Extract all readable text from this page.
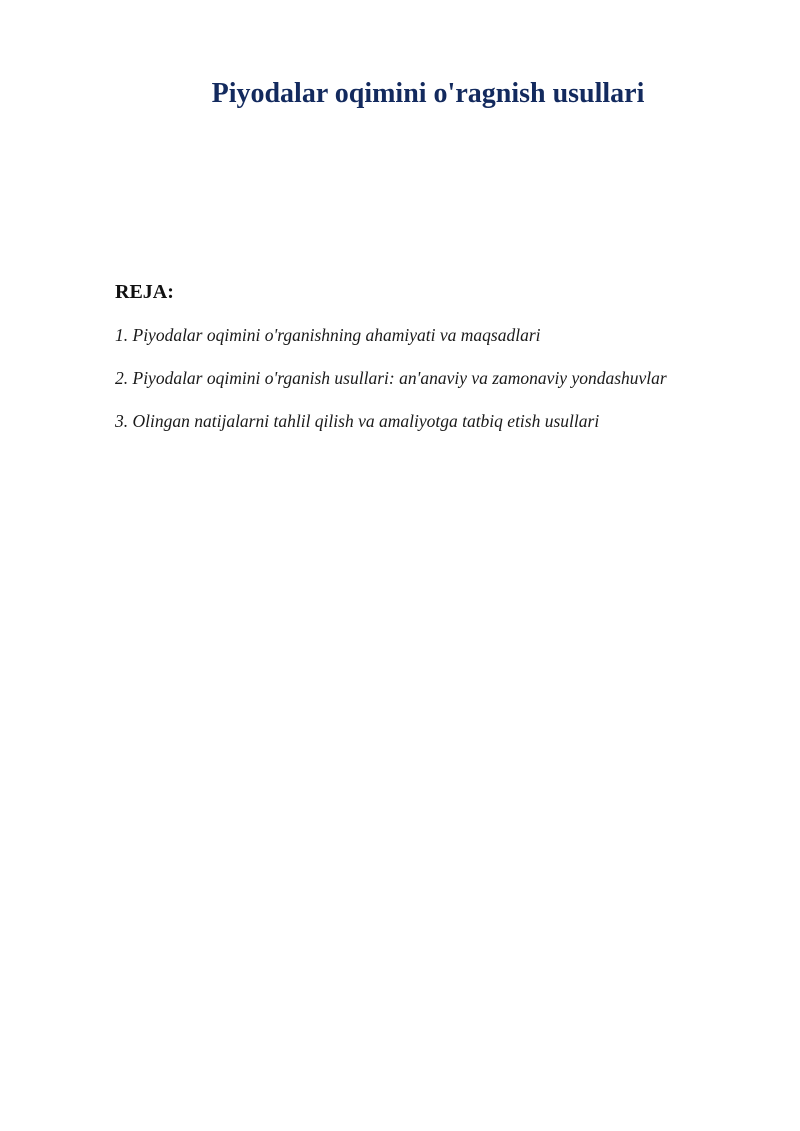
Piyodalar oqimini o'ragnish usullari
REJA:
1. Piyodalar oqimini o'rganishning ahamiyati va maqsadlari
2. Piyodalar oqimini o'rganish usullari: an'anaviy va zamonaviy yondashuvlar
3. Olingan natijalarni tahlil qilish va amaliyotga tatbiq etish usullari
